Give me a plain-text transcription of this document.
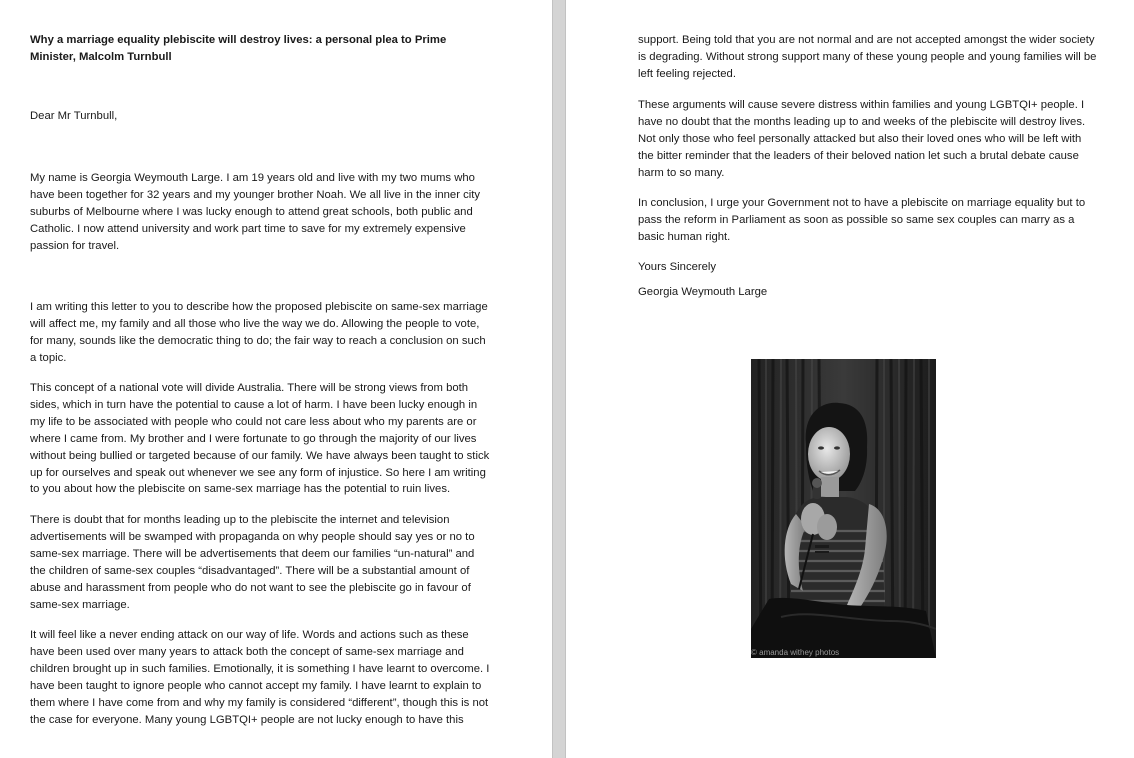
Why a marriage equality plebiscite will destroy lives: a personal plea to Prime Minister, Malcolm Turnbull

Dear Mr Turnbull,

My name is Georgia Weymouth Large. I am 19 years old and live with my two mums who have been together for 32 years and my younger brother Noah. We all live in the inner city suburbs of Melbourne where I was lucky enough to attend great schools, both public and Catholic. I now attend university and work part time to save for my extremely expensive passion for travel.

I am writing this letter to you to describe how the proposed plebiscite on same-sex marriage will affect me, my family and all those who live the way we do. Allowing the people to vote, for many, sounds like the democratic thing to do; the fair way to reach a conclusion on such a topic.

This concept of a national vote will divide Australia. There will be strong views from both sides, which in turn have the potential to cause a lot of harm. I have been lucky enough in my life to be associated with people who could not care less about who my parents are or where I came from. My brother and I were fortunate to go through the majority of our lives without being bullied or targeted because of our family. We have always been taught to stick up for ourselves and speak out whenever we see any form of injustice. So here I am writing to you about how the plebiscite on same-sex marriage has the potential to ruin lives.

There is doubt that for months leading up to the plebiscite the internet and television advertisements will be swamped with propaganda on why people should say yes or no to same-sex marriage. There will be advertisements that deem our families “un-natural” and the children of same-sex couples “disadvantaged”. There will be a substantial amount of abuse and harassment from people who do not want to see the plebiscite go in favour of same-sex marriage.

It will feel like a never ending attack on our way of life. Words and actions such as these have been used over many years to attack both the concept of same-sex marriage and children brought up in such families. Emotionally, it is something I have learnt to overcome. I have been taught to ignore people who cannot accept my family. I have learnt to explain to them where I have come from and why my family is considered “different”, though this is not the case for everyone. Many young LGBTQI+ people are not lucky enough to have this

support. Being told that you are not normal and are not accepted amongst the wider society is degrading. Without strong support many of these young people and young families will be left feeling rejected.

These arguments will cause severe distress within families and young LGBTQI+ people. I have no doubt that the months leading up to and weeks of the plebiscite will destroy lives. Not only those who feel personally attacked but also their loved ones who will be left with the bitter reminder that the leaders of their beloved nation let such a brutal debate cause harm to so many.

In conclusion, I urge your Government not to have a plebiscite on marriage equality but to pass the reform in Parliament as soon as possible so same sex couples can marry as a basic human right.

Yours Sincerely

Georgia Weymouth Large

© amanda withey photos
